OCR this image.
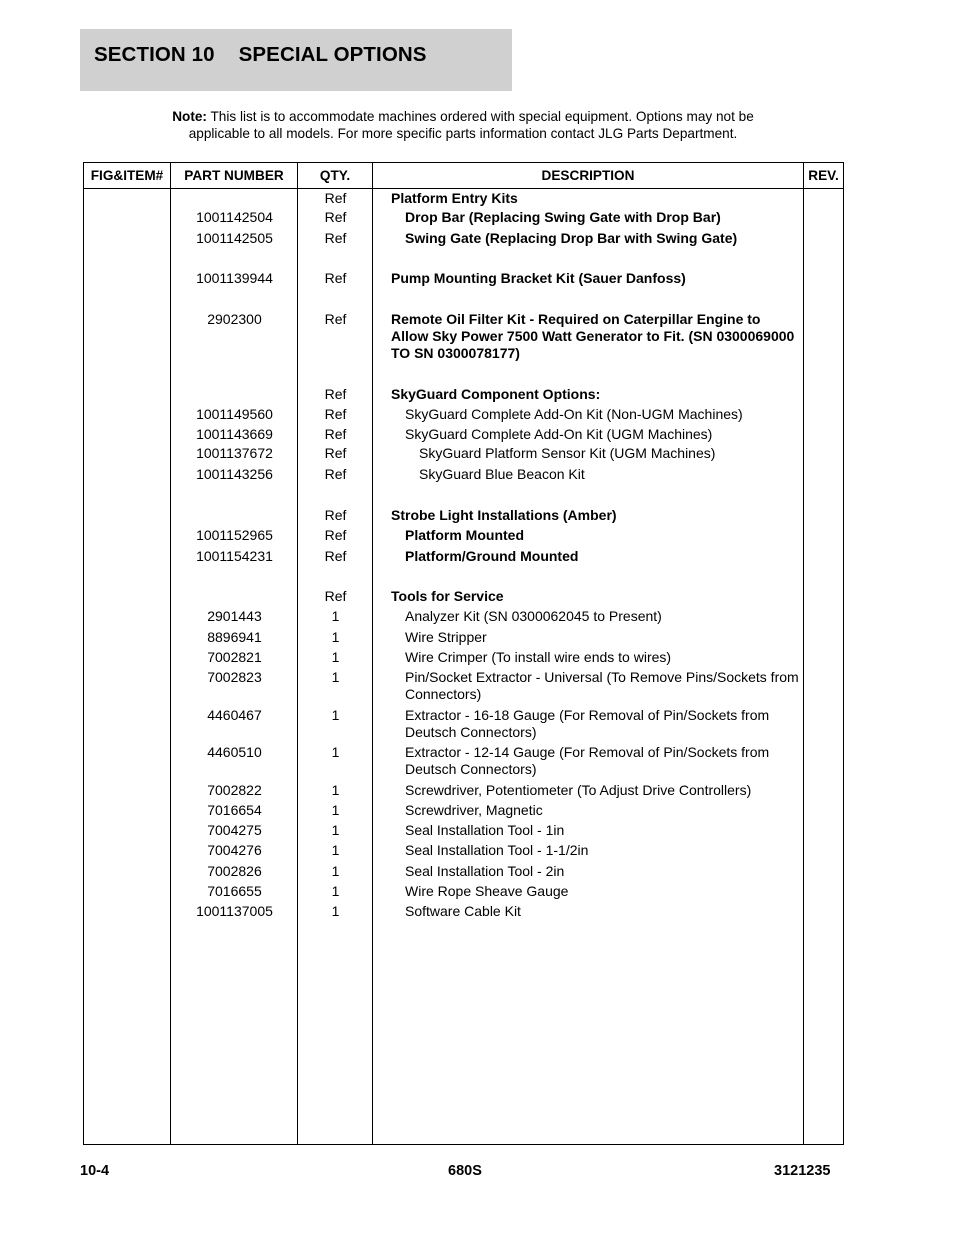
SECTION 10 SPECIAL OPTIONS
Note: This list is to accommodate machines ordered with special equipment. Options may not be applicable to all models. For more specific parts information contact JLG Parts Department.
FIG&ITEM#	PART NUMBER	QTY.	DESCRIPTION	REV.
Ref	Platform Entry Kits
1001142504	Ref	Drop Bar (Replacing Swing Gate with Drop Bar)
1001142505	Ref	Swing Gate (Replacing Drop Bar with Swing Gate)
1001139944	Ref	Pump Mounting Bracket Kit (Sauer Danfoss)
2902300	Ref	Remote Oil Filter Kit - Required on Caterpillar Engine to Allow Sky Power 7500 Watt Generator to Fit. (SN 0300069000 TO SN 0300078177)
Ref	SkyGuard Component Options:
1001149560	Ref	SkyGuard Complete Add-On Kit (Non-UGM Machines)
1001143669	Ref	SkyGuard Complete Add-On Kit (UGM Machines)
1001137672	Ref	SkyGuard Platform Sensor Kit (UGM Machines)
1001143256	Ref	SkyGuard Blue Beacon Kit
Ref	Strobe Light Installations (Amber)
1001152965	Ref	Platform Mounted
1001154231	Ref	Platform/Ground Mounted
Ref	Tools for Service
2901443	1	Analyzer Kit (SN 0300062045 to Present)
8896941	1	Wire Stripper
7002821	1	Wire Crimper (To install wire ends to wires)
7002823	1	Pin/Socket Extractor - Universal (To Remove Pins/Sockets from Connectors)
4460467	1	Extractor - 16-18 Gauge (For Removal of Pin/Sockets from Deutsch Connectors)
4460510	1	Extractor - 12-14 Gauge (For Removal of Pin/Sockets from Deutsch Connectors)
7002822	1	Screwdriver, Potentiometer (To Adjust Drive Controllers)
7016654	1	Screwdriver, Magnetic
7004275	1	Seal Installation Tool - 1in
7004276	1	Seal Installation Tool - 1-1/2in
7002826	1	Seal Installation Tool - 2in
7016655	1	Wire Rope Sheave Gauge
1001137005	1	Software Cable Kit
10-4	680S	3121235
